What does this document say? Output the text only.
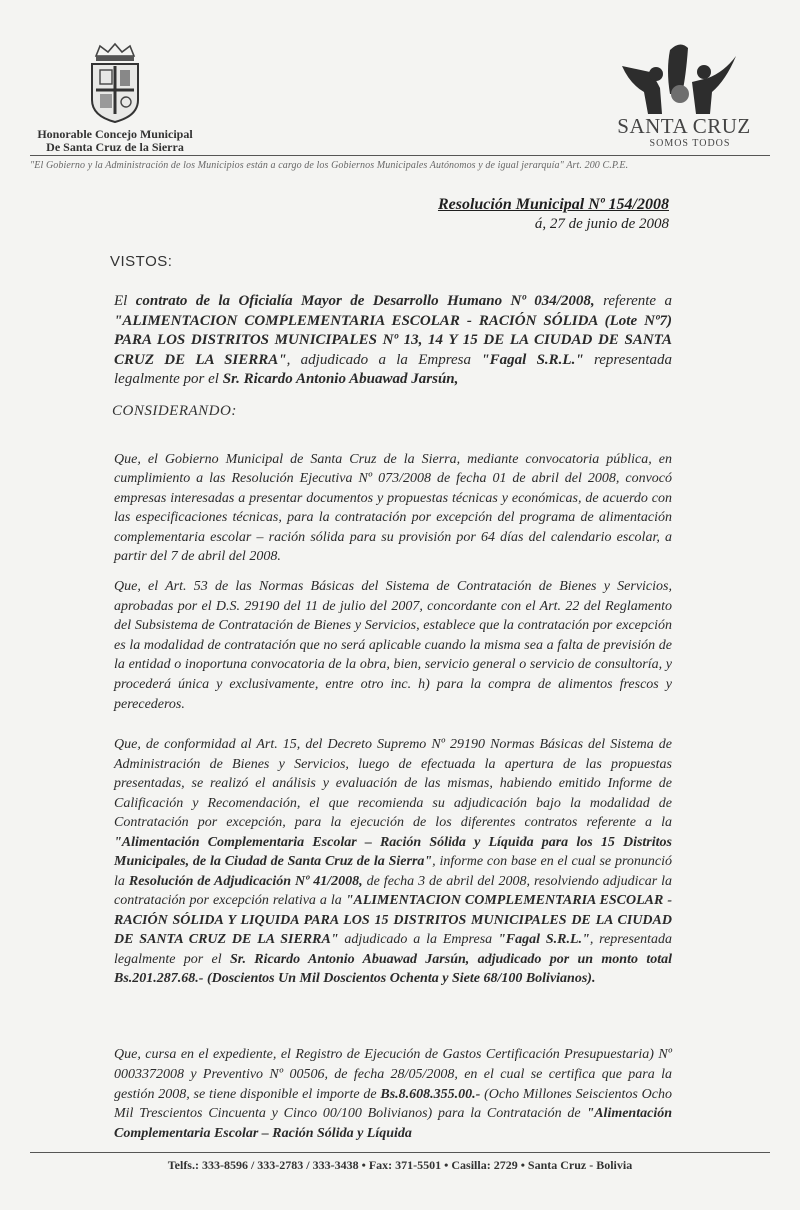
Honorable Concejo Municipal
De Santa Cruz de la Sierra
SANTA CRUZ
SOMOS TODOS
"El Gobierno y la Administración de los Municipios están a cargo de los Gobiernos Municipales Autónomos y de igual jerarquía" Art. 200 C.P.E.
Resolución Municipal Nº 154/2008
á, 27 de junio de 2008
VISTOS:
El contrato de la Oficialía Mayor de Desarrollo Humano Nº 034/2008, referente a "ALIMENTACION COMPLEMENTARIA ESCOLAR - RACIÓN SÓLIDA (Lote Nº7) PARA LOS DISTRITOS MUNICIPALES Nº 13, 14 Y 15 DE LA CIUDAD DE SANTA CRUZ DE LA SIERRA", adjudicado a la Empresa "Fagal S.R.L." representada legalmente por el Sr. Ricardo Antonio Abuawad Jarsún,
CONSIDERANDO:
Que, el Gobierno Municipal de Santa Cruz de la Sierra, mediante convocatoria pública, en cumplimiento a las Resolución Ejecutiva Nº 073/2008 de fecha 01 de abril del 2008, convocó empresas interesadas a presentar documentos y propuestas técnicas y económicas, de acuerdo con las especificaciones técnicas, para la contratación por excepción del programa de alimentación complementaria escolar – ración sólida para su provisión por 64 días del calendario escolar, a partir del 7 de abril del 2008.
Que, el Art. 53 de las Normas Básicas del Sistema de Contratación de Bienes y Servicios, aprobadas por el D.S. 29190 del 11 de julio del 2007, concordante con el Art. 22 del Reglamento del Subsistema de Contratación de Bienes y Servicios, establece que la contratación por excepción es la modalidad de contratación que no será aplicable cuando la misma sea a falta de previsión de la entidad o inoportuna convocatoria de la obra, bien, servicio general o servicio de consultoría, y procederá única y exclusivamente, entre otro inc. h) para la compra de alimentos frescos y perecederos.
Que, de conformidad al Art. 15, del Decreto Supremo Nº 29190 Normas Básicas del Sistema de Administración de Bienes y Servicios, luego de efectuada la apertura de las propuestas presentadas, se realizó el análisis y evaluación de las mismas, habiendo emitido Informe de Calificación y Recomendación, el que recomienda su adjudicación bajo la modalidad de Contratación por excepción, para la ejecución de los diferentes contratos referente a la "Alimentación Complementaria Escolar – Ración Sólida y Líquida para los 15 Distritos Municipales, de la Ciudad de Santa Cruz de la Sierra", informe con base en el cual se pronunció la Resolución de Adjudicación Nº 41/2008, de fecha 3 de abril del 2008, resolviendo adjudicar la contratación por excepción relativa a la "ALIMENTACION COMPLEMENTARIA ESCOLAR - RACIÓN SÓLIDA Y LIQUIDA PARA LOS 15 DISTRITOS MUNICIPALES DE LA CIUDAD DE SANTA CRUZ DE LA SIERRA" adjudicado a la Empresa "Fagal S.R.L.", representada legalmente por el Sr. Ricardo Antonio Abuawad Jarsún, adjudicado por un monto total Bs.201.287.68.- (Doscientos Un Mil Doscientos Ochenta y Siete 68/100 Bolivianos).
Que, cursa en el expediente, el Registro de Ejecución de Gastos Certificación Presupuestaria) Nº 0003372008 y Preventivo Nº 00506, de fecha 28/05/2008, en el cual se certifica que para la gestión 2008, se tiene disponible el importe de Bs.8.608.355.00.- (Ocho Millones Seiscientos Ocho Mil Trescientos Cincuenta y Cinco 00/100 Bolivianos) para la Contratación de "Alimentación Complementaria Escolar – Ración Sólida y Líquida
Telfs.: 333-8596 / 333-2783 / 333-3438 • Fax: 371-5501 • Casilla: 2729 • Santa Cruz - Bolivia
